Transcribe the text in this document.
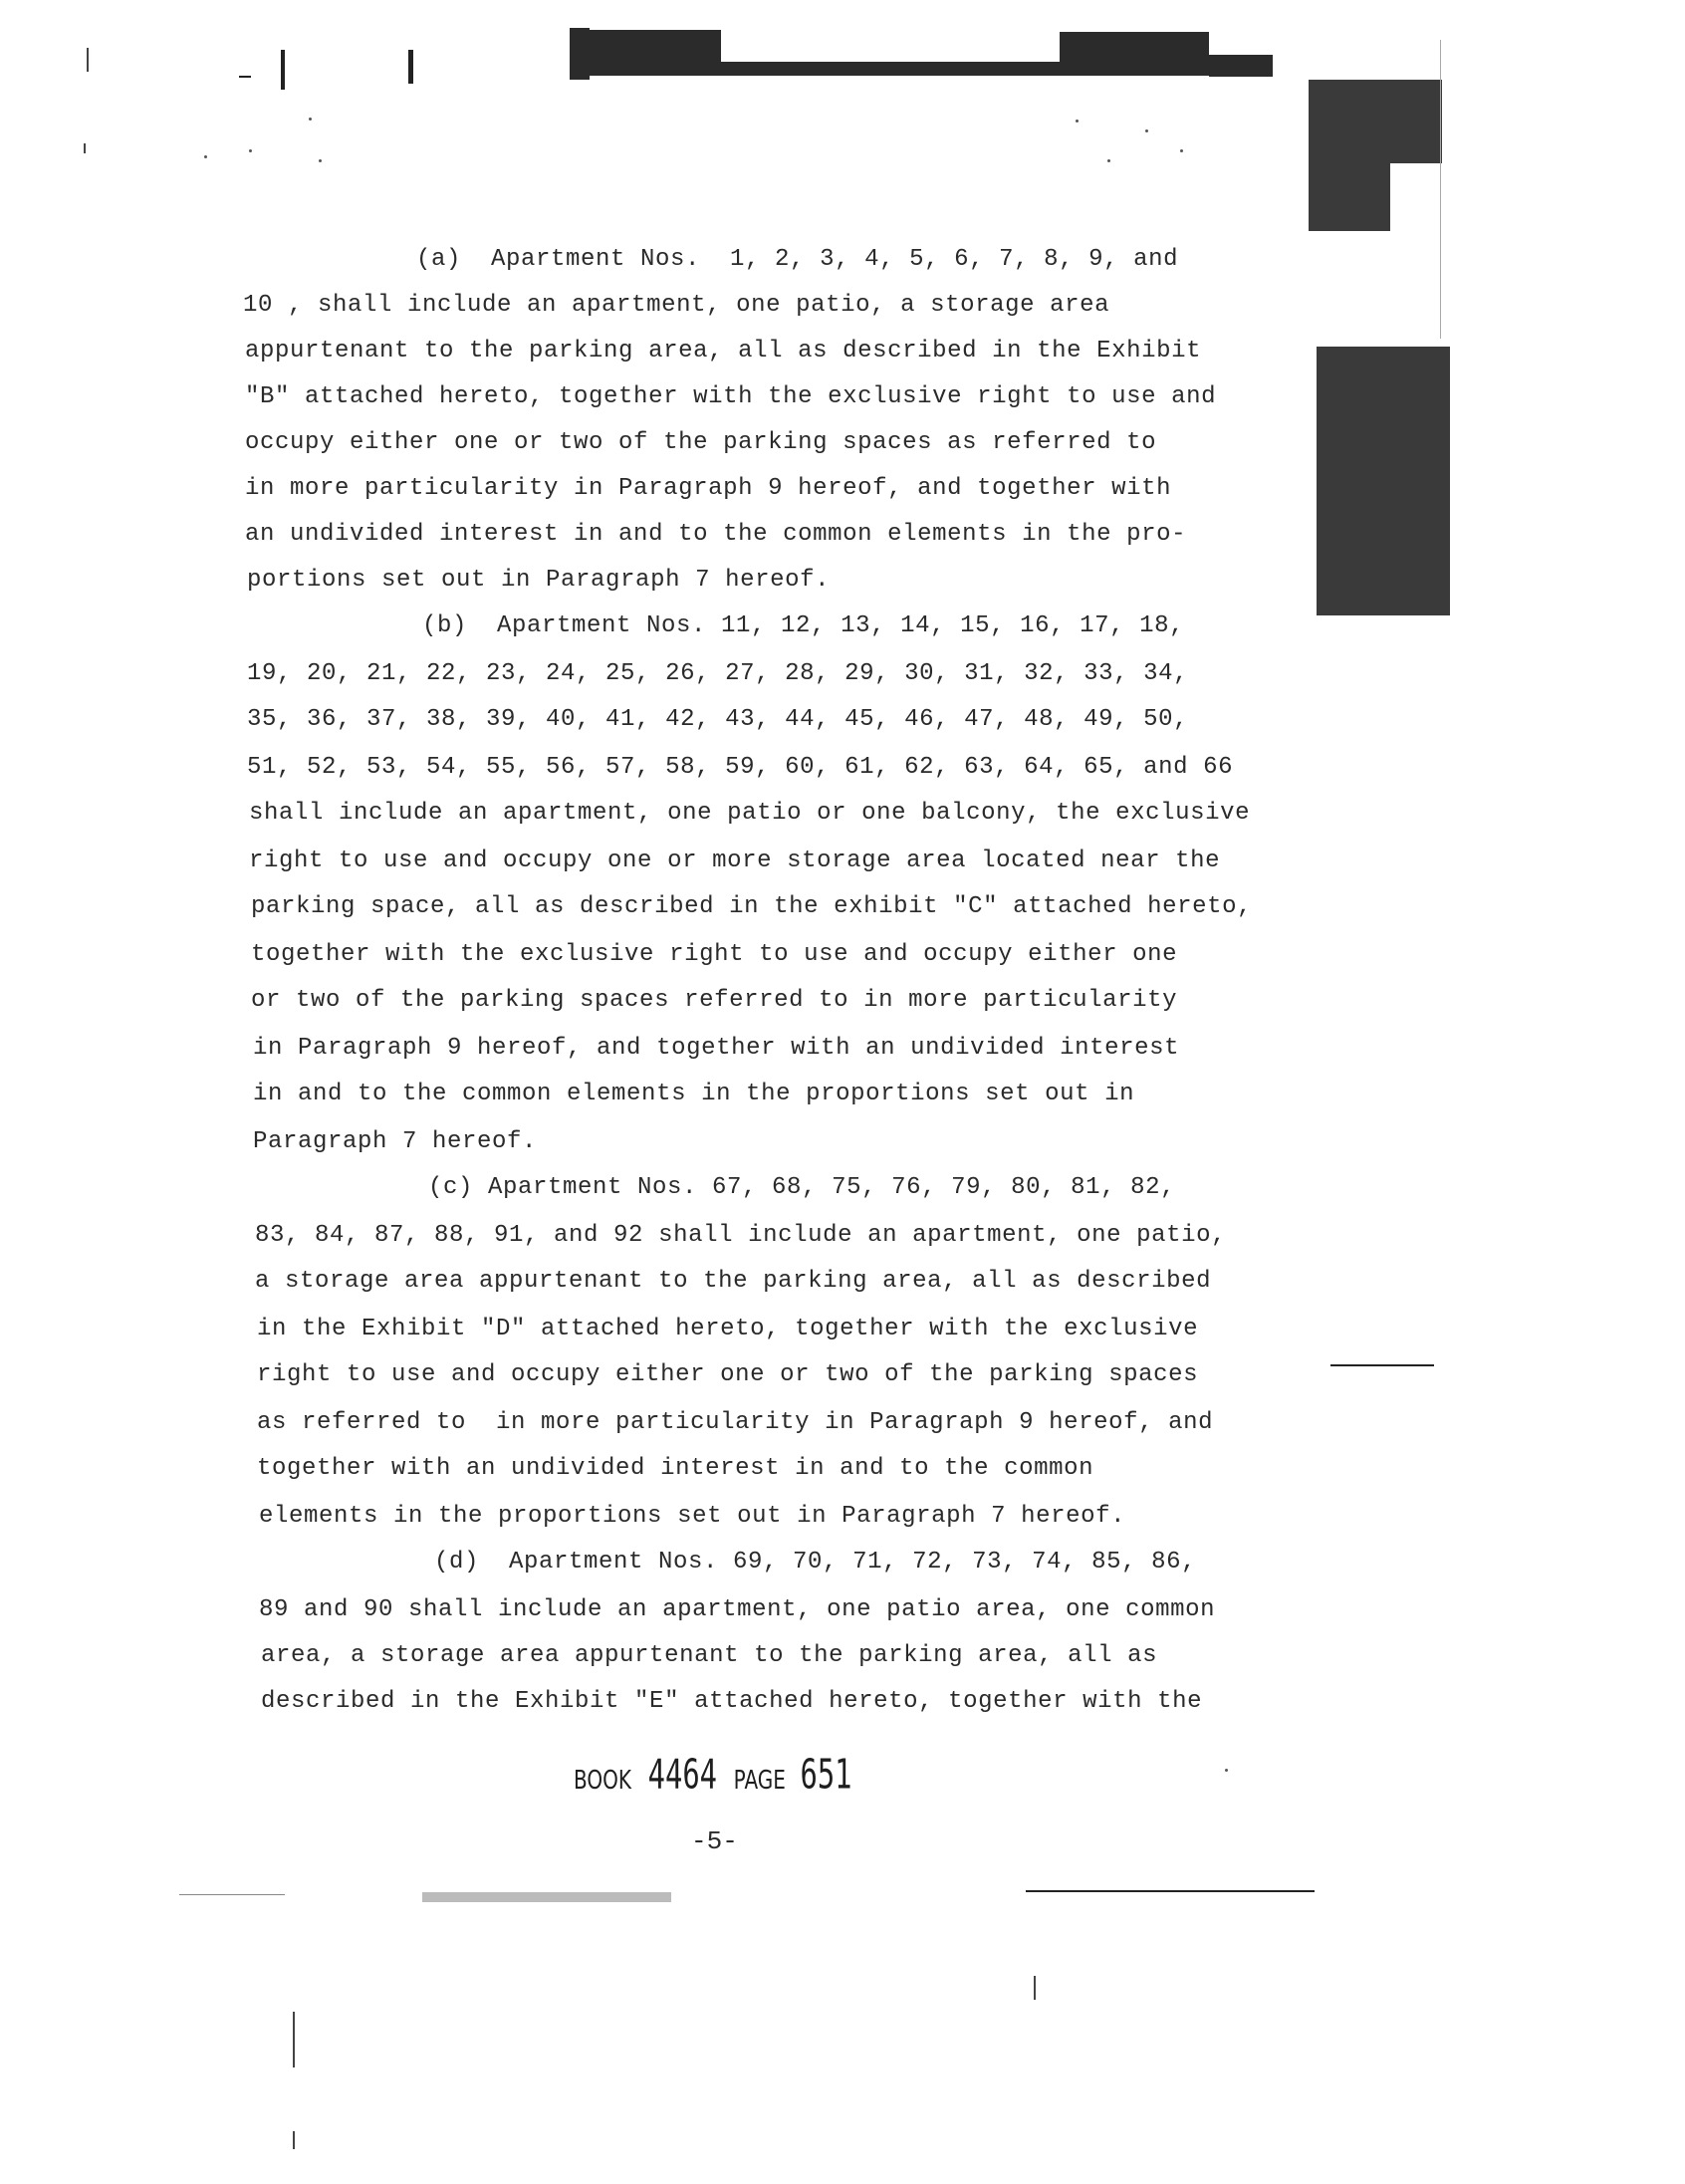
(a)  Apartment Nos.  1, 2, 3, 4, 5, 6, 7, 8, 9, and
10 , shall include an apartment, one patio, a storage area
appurtenant to the parking area, all as described in the Exhibit
"B" attached hereto, together with the exclusive right to use and
occupy either one or two of the parking spaces as referred to
in more particularity in Paragraph 9 hereof, and together with
an undivided interest in and to the common elements in the pro-
portions set out in Paragraph 7 hereof.
(b)  Apartment Nos. 11, 12, 13, 14, 15, 16, 17, 18,
19, 20, 21, 22, 23, 24, 25, 26, 27, 28, 29, 30, 31, 32, 33, 34,
35, 36, 37, 38, 39, 40, 41, 42, 43, 44, 45, 46, 47, 48, 49, 50,
51, 52, 53, 54, 55, 56, 57, 58, 59, 60, 61, 62, 63, 64, 65, and 66
shall include an apartment, one patio or one balcony, the exclusive
right to use and occupy one or more storage area located near the
parking space, all as described in the exhibit "C" attached hereto,
together with the exclusive right to use and occupy either one
or two of the parking spaces referred to in more particularity
in Paragraph 9 hereof, and together with an undivided interest
in and to the common elements in the proportions set out in
Paragraph 7 hereof.
(c) Apartment Nos. 67, 68, 75, 76, 79, 80, 81, 82,
83, 84, 87, 88, 91, and 92 shall include an apartment, one patio,
a storage area appurtenant to the parking area, all as described
in the Exhibit "D" attached hereto, together with the exclusive
right to use and occupy either one or two of the parking spaces
as referred to  in more particularity in Paragraph 9 hereof, and
together with an undivided interest in and to the common
elements in the proportions set out in Paragraph 7 hereof.
(d)  Apartment Nos. 69, 70, 71, 72, 73, 74, 85, 86,
89 and 90 shall include an apartment, one patio area, one common
area, a storage area appurtenant to the parking area, all as
described in the Exhibit "E" attached hereto, together with the
BOOK 4464 PAGE 651
-5-
